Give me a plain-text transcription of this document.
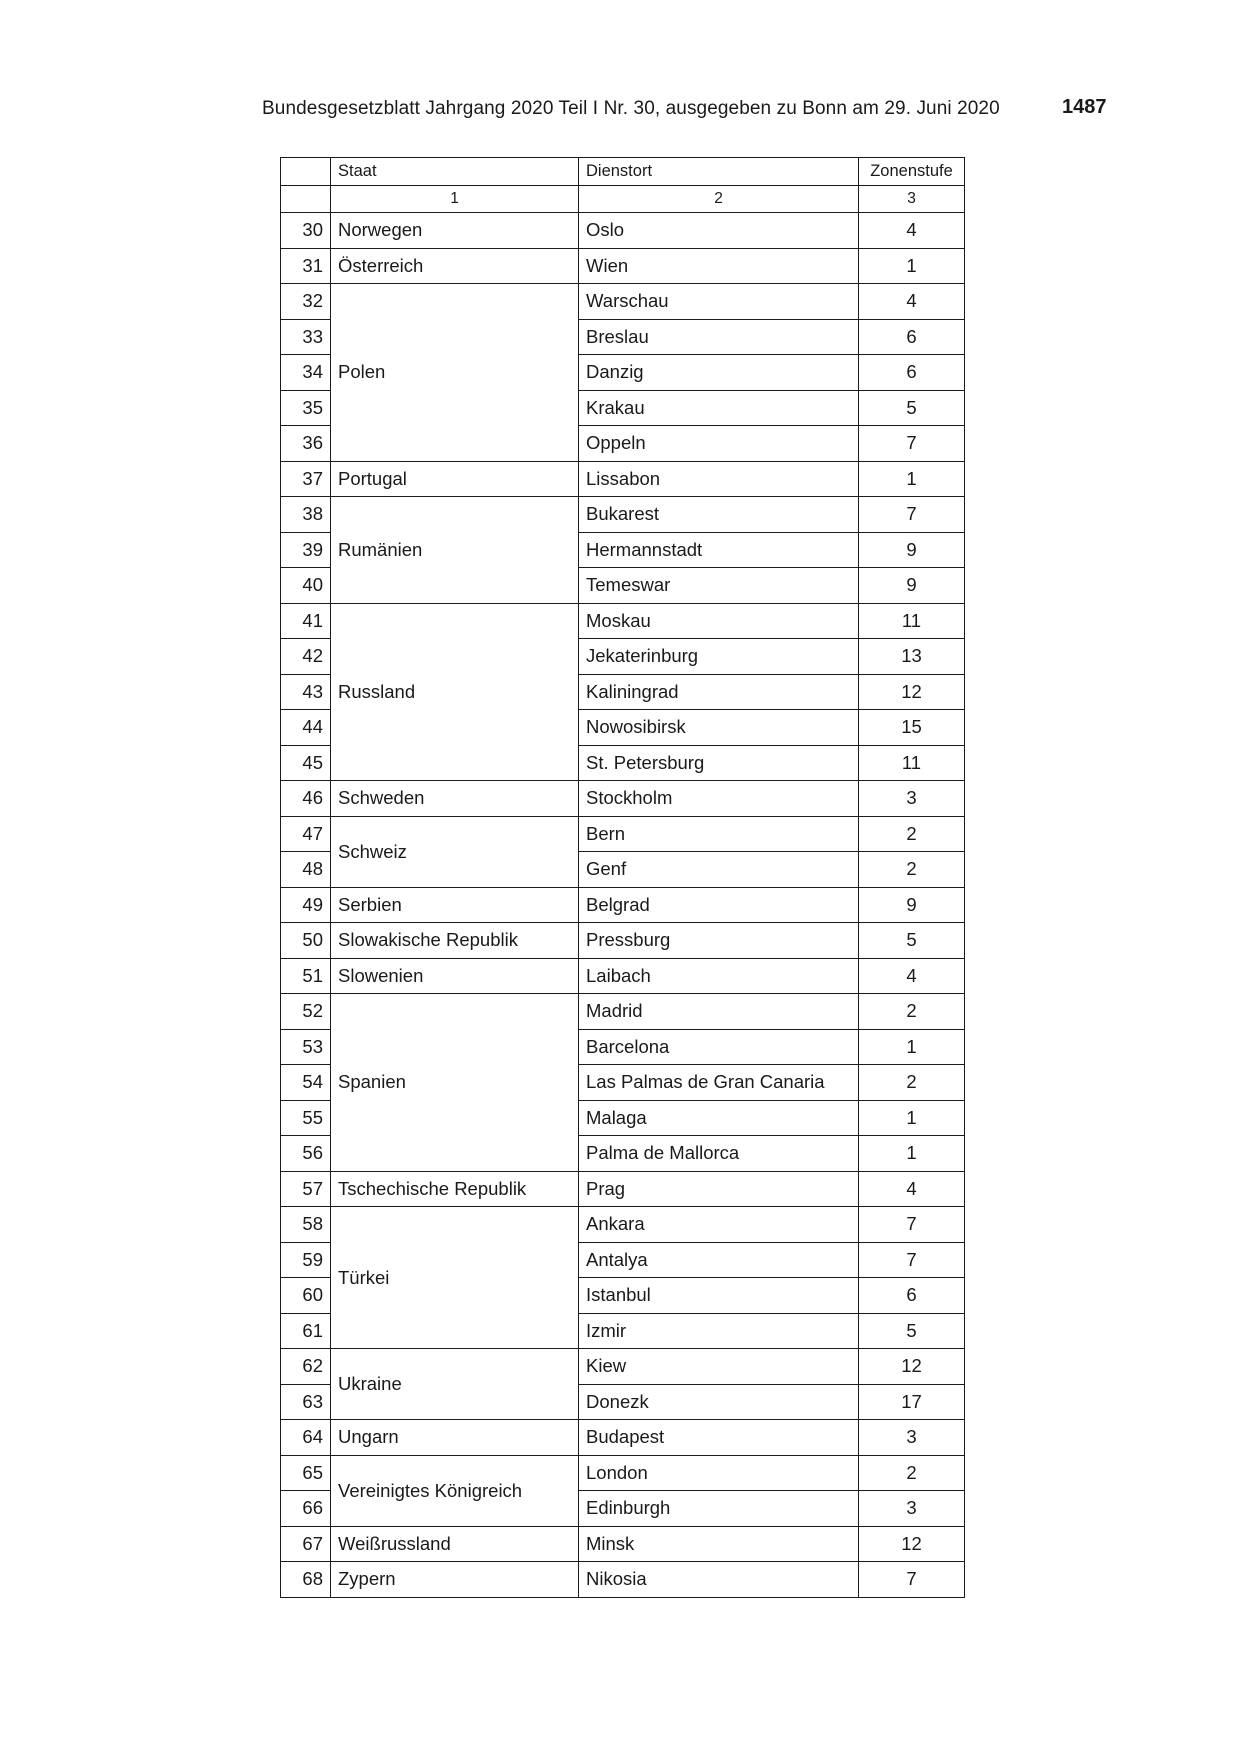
Bundesgesetzblatt Jahrgang 2020 Teil I Nr. 30, ausgegeben zu Bonn am 29. Juni 2020	1487
	Staat	Dienstort	Zonenstufe
	1	2	3
30	Norwegen	Oslo	4
31	Österreich	Wien	1
32	Polen	Warschau	4
33		Breslau	6
34		Danzig	6
35		Krakau	5
36		Oppeln	7
37	Portugal	Lissabon	1
38	Rumänien	Bukarest	7
39		Hermannstadt	9
40		Temeswar	9
41	Russland	Moskau	11
42		Jekaterinburg	13
43		Kaliningrad	12
44		Nowosibirsk	15
45		St. Petersburg	11
46	Schweden	Stockholm	3
47	Schweiz	Bern	2
48		Genf	2
49	Serbien	Belgrad	9
50	Slowakische Republik	Pressburg	5
51	Slowenien	Laibach	4
52	Spanien	Madrid	2
53		Barcelona	1
54		Las Palmas de Gran Canaria	2
55		Malaga	1
56		Palma de Mallorca	1
57	Tschechische Republik	Prag	4
58	Türkei	Ankara	7
59		Antalya	7
60		Istanbul	6
61		Izmir	5
62	Ukraine	Kiew	12
63		Donezk	17
64	Ungarn	Budapest	3
65	Vereinigtes Königreich	London	2
66		Edinburgh	3
67	Weißrussland	Minsk	12
68	Zypern	Nikosia	7
